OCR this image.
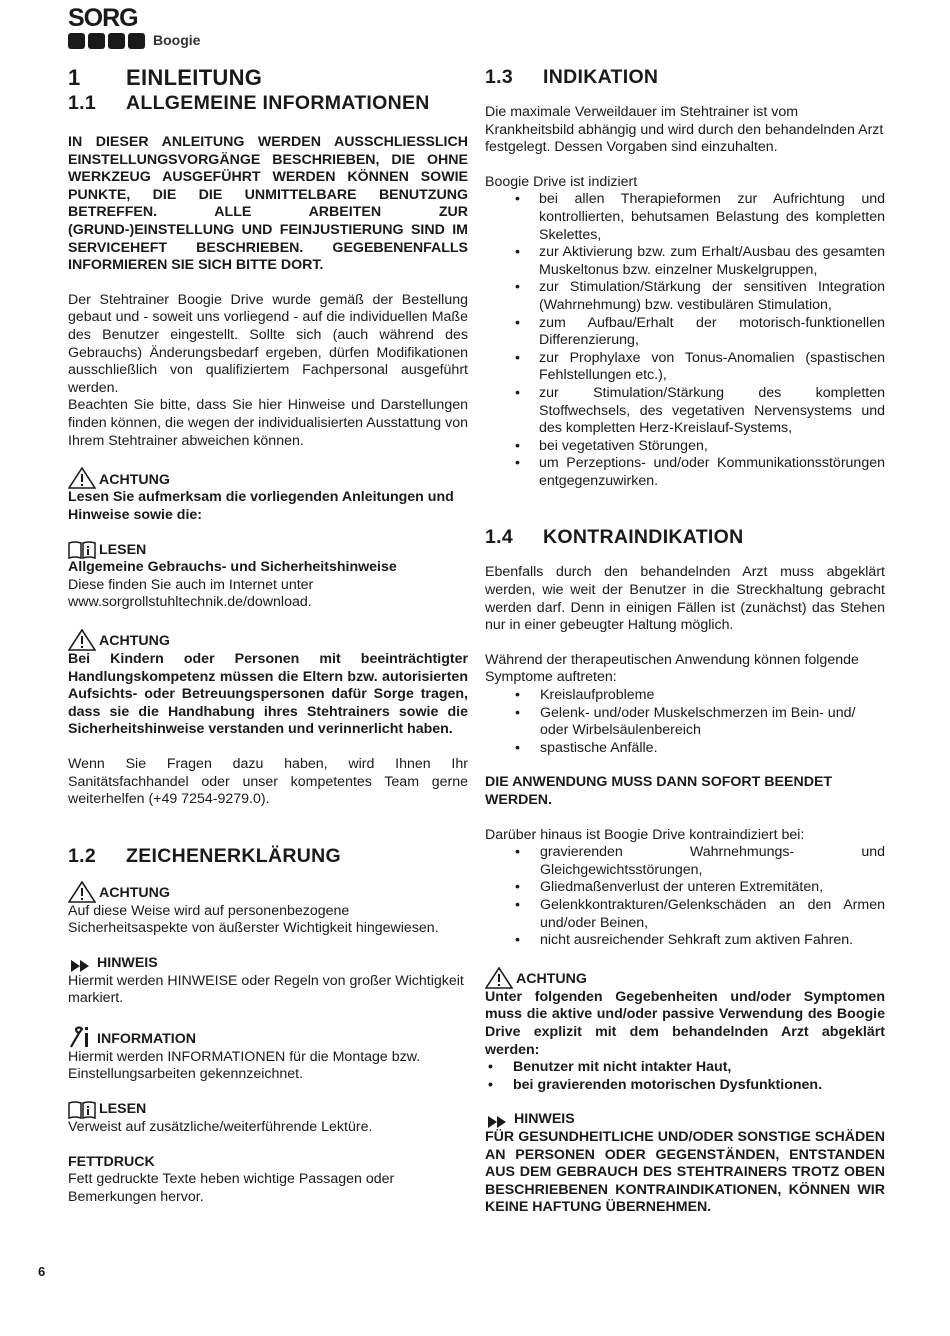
SORG
Boogie
1 EINLEITUNG
1.1 ALLGEMEINE INFORMATIONEN

IN DIESER ANLEITUNG WERDEN AUSSCHLIESSLICH EINSTELLUNGSVORGÄNGE BESCHRIEBEN, DIE OHNE WERKZEUG AUSGEFÜHRT WERDEN KÖNNEN SOWIE PUNKTE, DIE DIE UNMITTELBARE BENUTZUNG BETREFFEN. ALLE ARBEITEN ZUR (GRUND-)EINSTELLUNG UND FEINJUSTIERUNG SIND IM SERVICEHEFT BESCHRIEBEN. GEGEBENENFALLS INFORMIEREN SIE SICH BITTE DORT.

Der Stehtrainer Boogie Drive wurde gemäß der Bestellung gebaut und - soweit uns vorliegend - auf die individuellen Maße des Benutzer eingestellt. Sollte sich (auch während des Gebrauchs) Änderungsbedarf ergeben, dürfen Modifikationen ausschließlich von qualifiziertem Fachpersonal ausgeführt werden.

Beachten Sie bitte, dass Sie hier Hinweise und Darstellungen finden können, die wegen der individualisierten Ausstattung von Ihrem Stehtrainer abweichen können.

ACHTUNG

Lesen Sie aufmerksam die vorliegenden Anleitungen und Hinweise sowie die:

LESEN

Allgemeine Gebrauchs- und Sicherheitshinweise

Diese finden Sie auch im Internet unter www.sorgrollstuhltechnik.de/download.

ACHTUNG

Bei Kindern oder Personen mit beeinträchtigter Handlungskompetenz müssen die Eltern bzw. autorisierten Aufsichts- oder Betreuungspersonen dafür Sorge tragen, dass sie die Handhabung ihres Stehtrainers sowie die Sicherheitshinweise verstanden und verinnerlicht haben.

Wenn Sie Fragen dazu haben, wird Ihnen Ihr Sanitätsfachhandel oder unser kompetentes Team gerne weiterhelfen (+49 7254-9279.0).

1.2 ZEICHENERKLÄRUNG
ACHTUNG

Auf diese Weise wird auf personenbezogene Sicherheitsaspekte von äußerster Wichtigkeit hingewiesen.

HINWEIS

Hiermit werden HINWEISE oder Regeln von großer Wichtigkeit markiert.

INFORMATION

Hiermit werden INFORMATIONEN für die Montage bzw. Einstellungsarbeiten gekennzeichnet.

LESEN

Verweist auf zusätzliche/weiterführende Lektüre.

FETTDRUCK

Fett gedruckte Texte heben wichtige Passagen oder Bemerkungen hervor.

1.3 INDIKATION

Die maximale Verweildauer im Stehtrainer ist vom Krankheitsbild abhängig und wird durch den behandelnden Arzt festgelegt. Dessen Vorgaben sind einzuhalten.

Boogie Drive ist indiziert

• bei allen Therapieformen zur Aufrichtung und kontrollierten, behutsamen Belastung des kompletten Skelettes,
• zur Aktivierung bzw. zum Erhalt/Ausbau des gesamten Muskeltonus bzw. einzelner Muskelgruppen,
• zur Stimulation/Stärkung der sensitiven Integration (Wahrnehmung) bzw. vestibulären Stimulation,
• zum Aufbau/Erhalt der motorisch-funktionellen Differenzierung,
• zur Prophylaxe von Tonus-Anomalien (spastischen Fehlstellungen etc.),
• zur Stimulation/Stärkung des kompletten Stoffwechsels, des vegetativen Nervensystems und des kompletten Herz-Kreislauf-Systems,
• bei vegetativen Störungen,
• um Perzeptions- und/oder Kommunikationsstörungen entgegenzuwirken.
1.4 KONTRAINDIKATION

Ebenfalls durch den behandelnden Arzt muss abgeklärt werden, wie weit der Benutzer in die Streckhaltung gebracht werden darf. Denn in einigen Fällen ist (zunächst) das Stehen nur in einer gebeugter Haltung möglich.

Während der therapeutischen Anwendung können folgende Symptome auftreten:

• Kreislaufprobleme
• Gelenk- und/oder Muskelschmerzen im Bein- und/ oder Wirbelsäulenbereich
• spastische Anfälle.

DIE ANWENDUNG MUSS DANN SOFORT BEENDET WERDEN.

Darüber hinaus ist Boogie Drive kontraindiziert bei:

• gravierenden Wahrnehmungs- und Gleichgewichtsstörungen,
• Gliedmaßenverlust der unteren Extremitäten,
• Gelenkkontrakturen/Gelenkschäden an den Armen und/oder Beinen,
• nicht ausreichender Sehkraft zum aktiven Fahren.
ACHTUNG

Unter folgenden Gegebenheiten und/oder Symptomen muss die aktive und/oder passive Verwendung des Boogie Drive explizit mit dem behandelnden Arzt abgeklärt werden:

• Benutzer mit nicht intakter Haut,
• bei gravierenden motorischen Dysfunktionen.
HINWEIS

FÜR GESUNDHEITLICHE UND/ODER SONSTIGE SCHÄDEN AN PERSONEN ODER GEGENSTÄNDEN, ENTSTANDEN AUS DEM GEBRAUCH DES STEHTRAINERS TROTZ OBEN BESCHRIEBENEN KONTRAINDIKATIONEN, KÖNNEN WIR KEINE HAFTUNG ÜBERNEHMEN.

6
